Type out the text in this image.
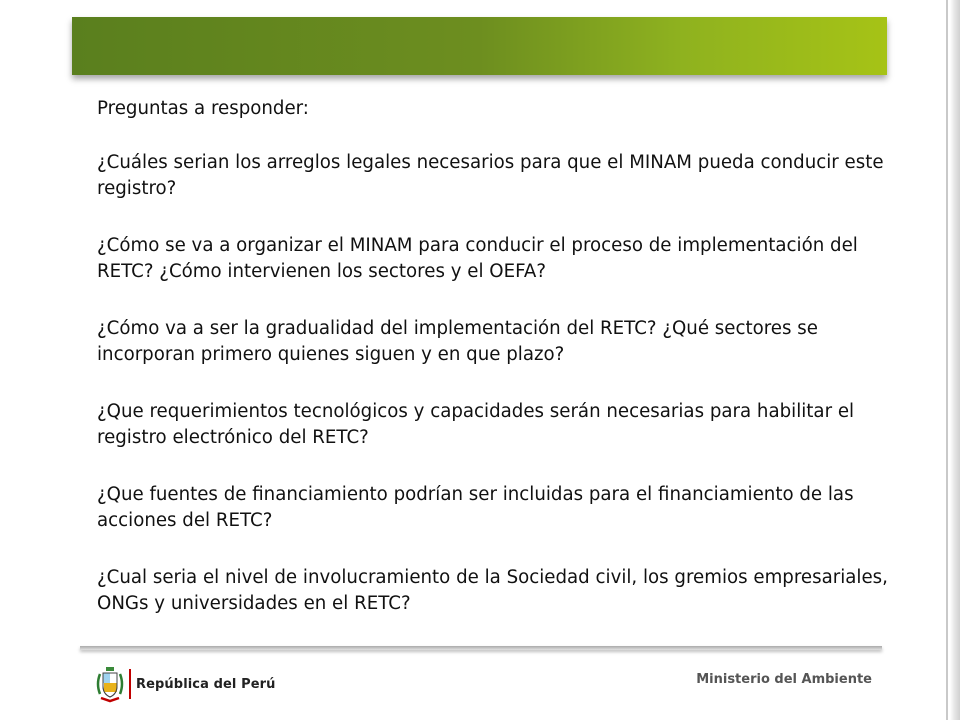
Preguntas a responder:

¿Cuáles serian los arreglos legales necesarios para que el MINAM pueda conducir este registro?

¿Cómo se va a organizar el MINAM para conducir el proceso de implementación del RETC? ¿Cómo intervienen los sectores y el OEFA?

¿Cómo va a ser la gradualidad del implementación del RETC? ¿Qué sectores se incorporan primero quienes siguen y en que plazo?

¿Que requerimientos tecnológicos y capacidades serán necesarias para habilitar el registro electrónico del RETC?

¿Que fuentes de financiamiento podrían ser incluidas para el financiamiento de las acciones del RETC?

¿Cual seria el nivel de involucramiento de la Sociedad civil, los gremios empresariales, ONGs y universidades en el RETC?

República del Perú	Ministerio del Ambiente
